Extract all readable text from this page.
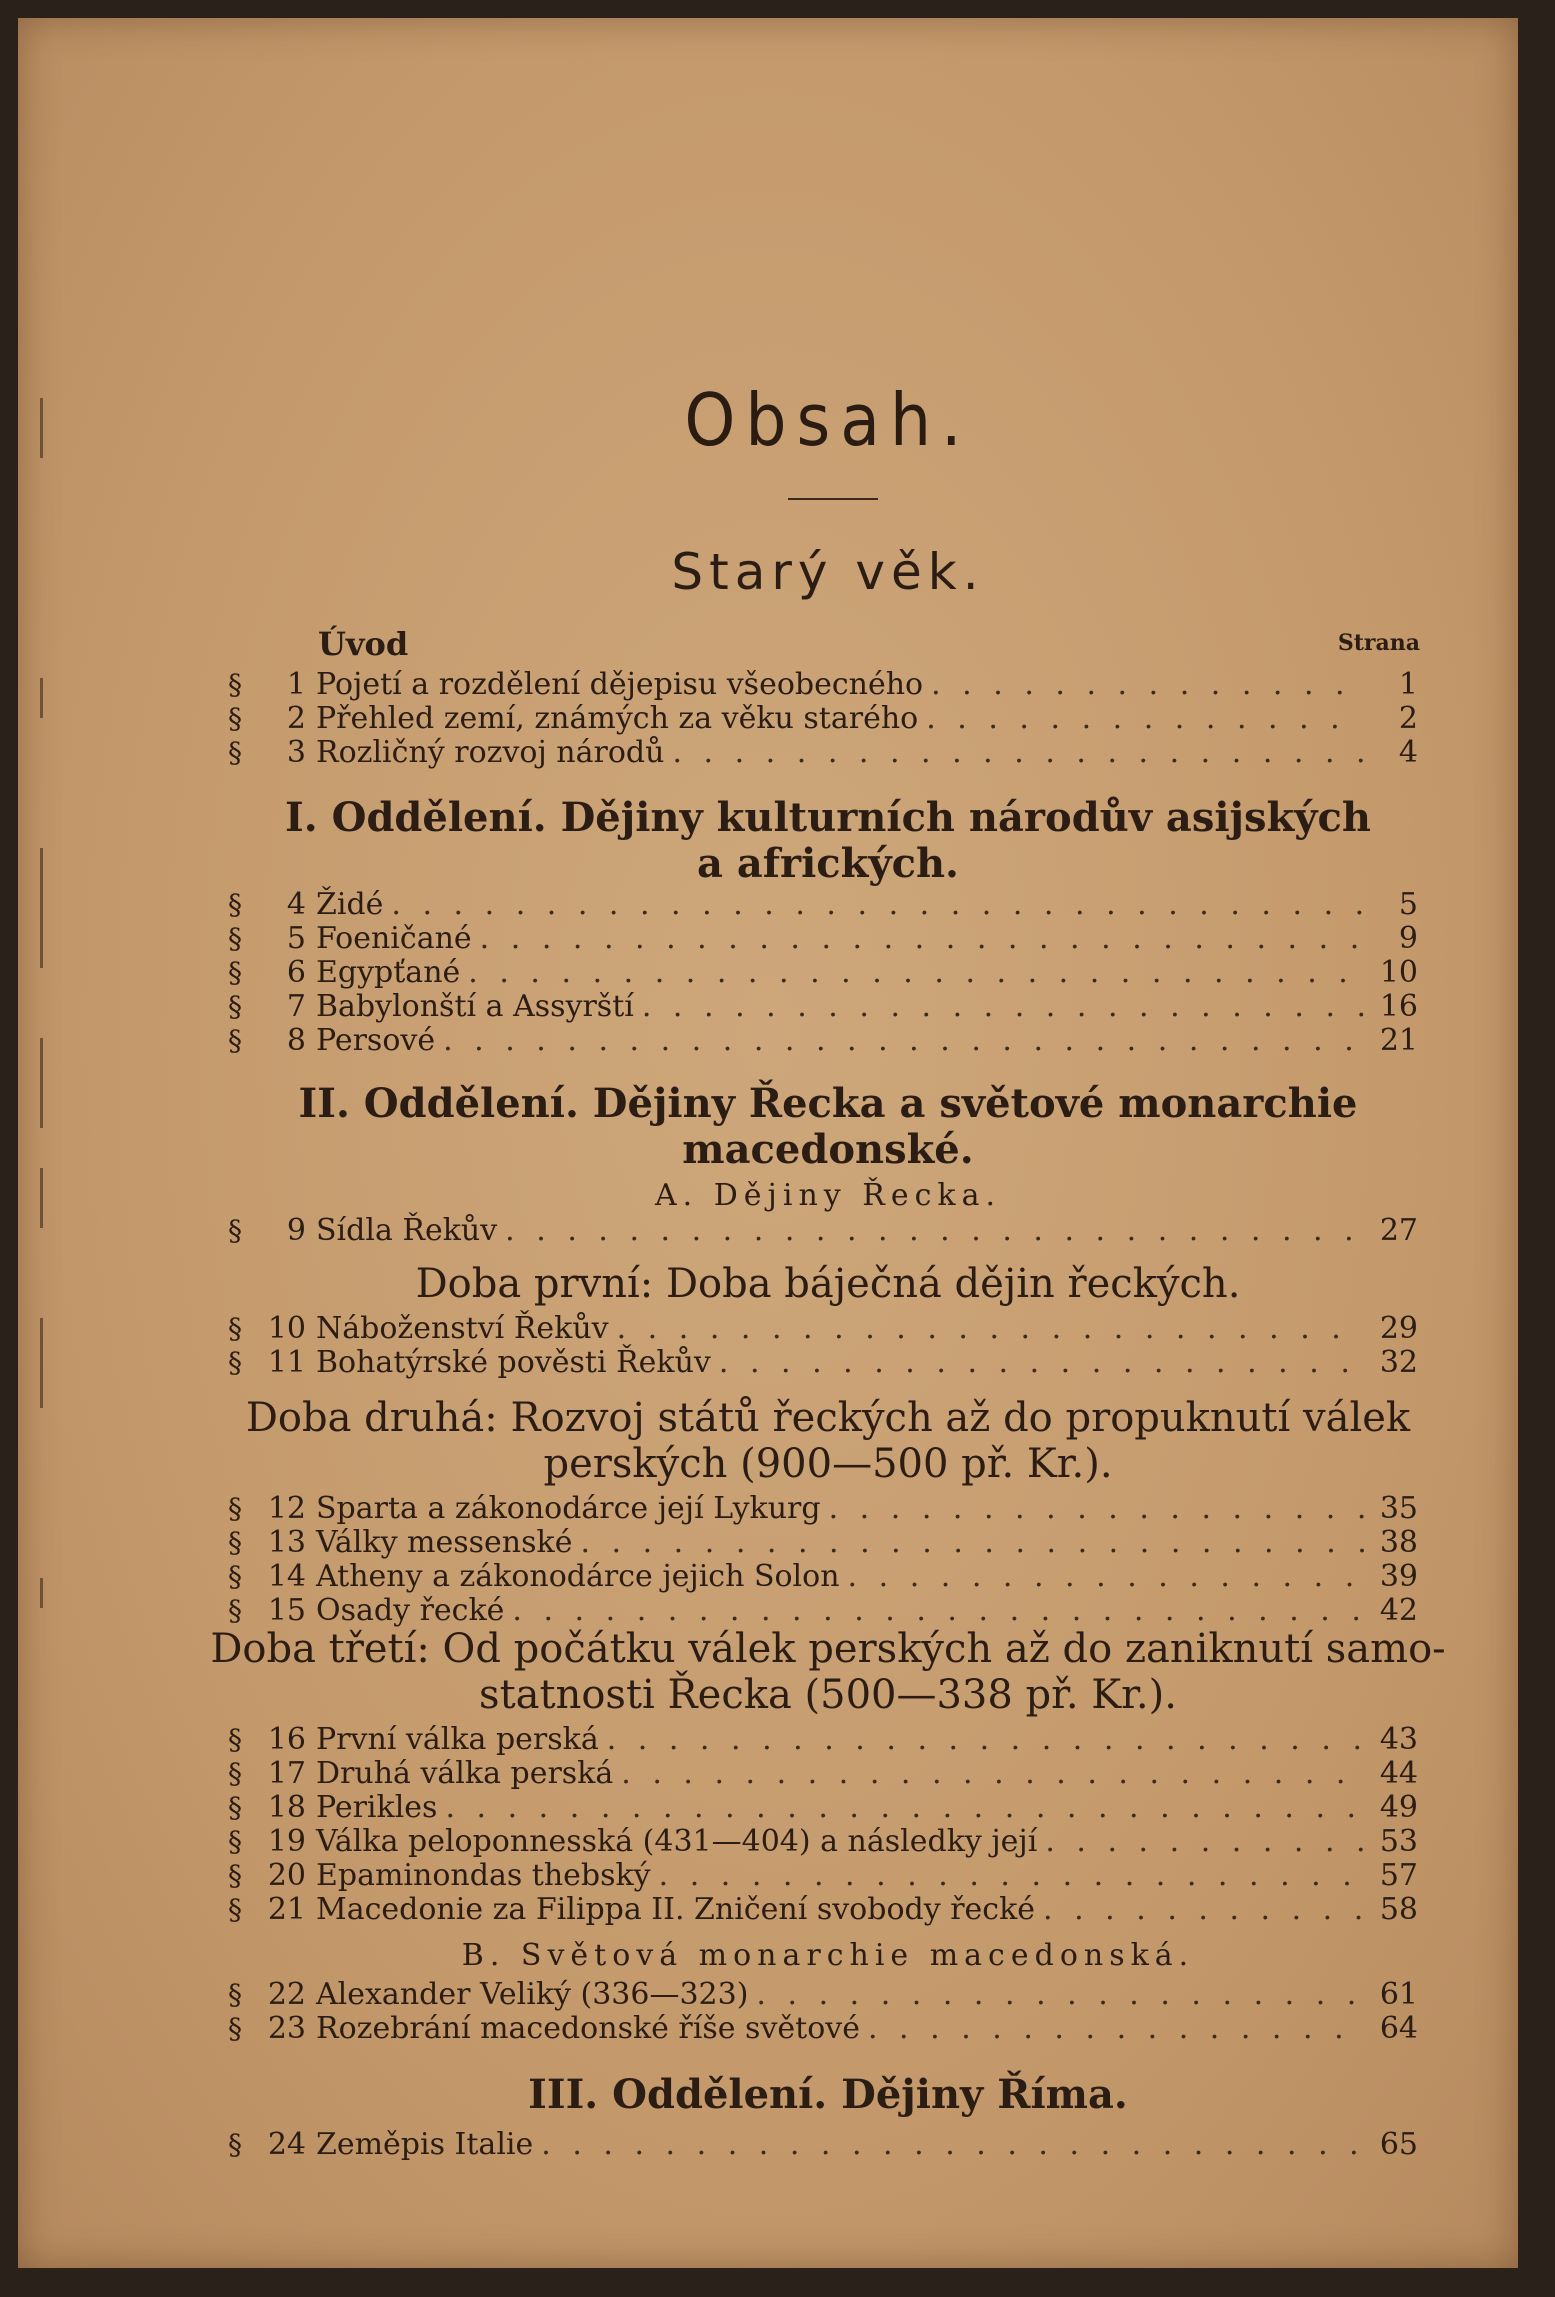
Obsah.
Starý věk.
Úvod	Strana
§	1 Pojetí a rozdělení dějepisu všeobecného . . .	1
§	2 Přehled zemí, známých za věku starého . . .	2
§	3 Rozličný rozvoj národů . . .	4
I. Oddělení. Dějiny kulturních národův asijských
a afrických.
§	4 Židé . . .	5
§	5 Foeničané . . .	9
§	6 Egypťané . . .	10
§	7 Babylonští a Assyrští . . .	16
§	8 Persové . . .	21
II. Oddělení. Dějiny Řecka a světové monarchie
macedonské.
A. Dějiny Řecka.
§	9 Sídla Řekův . . .	27
Doba první: Doba báječná dějin řeckých.
§ 10 Náboženství Řekův . . .	29
§ 11 Bohatýrské pověsti Řekův . . .	32
Doba druhá: Rozvoj států řeckých až do propuknutí válek
perských (900—500 př. Kr.).
§ 12 Sparta a zákonodárce její Lykurg . . .	35
§ 13 Války messenské . . .	38
§ 14 Atheny a zákonodárce jejich Solon . . .	39
§ 15 Osady řecké . . .	42
Doba třetí: Od počátku válek perských až do zaniknutí samo-
statnosti Řecka (500—338 př. Kr.).
§ 16 První válka perská . . .	43
§ 17 Druhá válka perská . . .	44
§ 18 Perikles . . .	49
§ 19 Válka peloponnesská (431—404) a následky její . . .	53
§ 20 Epaminondas thebský . . .	57
§ 21 Macedonie za Filippa II. Zničení svobody řecké . . .	58
B. Světová monarchie macedonská.
§ 22 Alexander Veliký (336—323) . . .	61
§ 23 Rozebrání macedonské říše světové . . .	64
III. Oddělení. Dějiny Říma.
§ 24 Zeměpis Italie . . .	65
